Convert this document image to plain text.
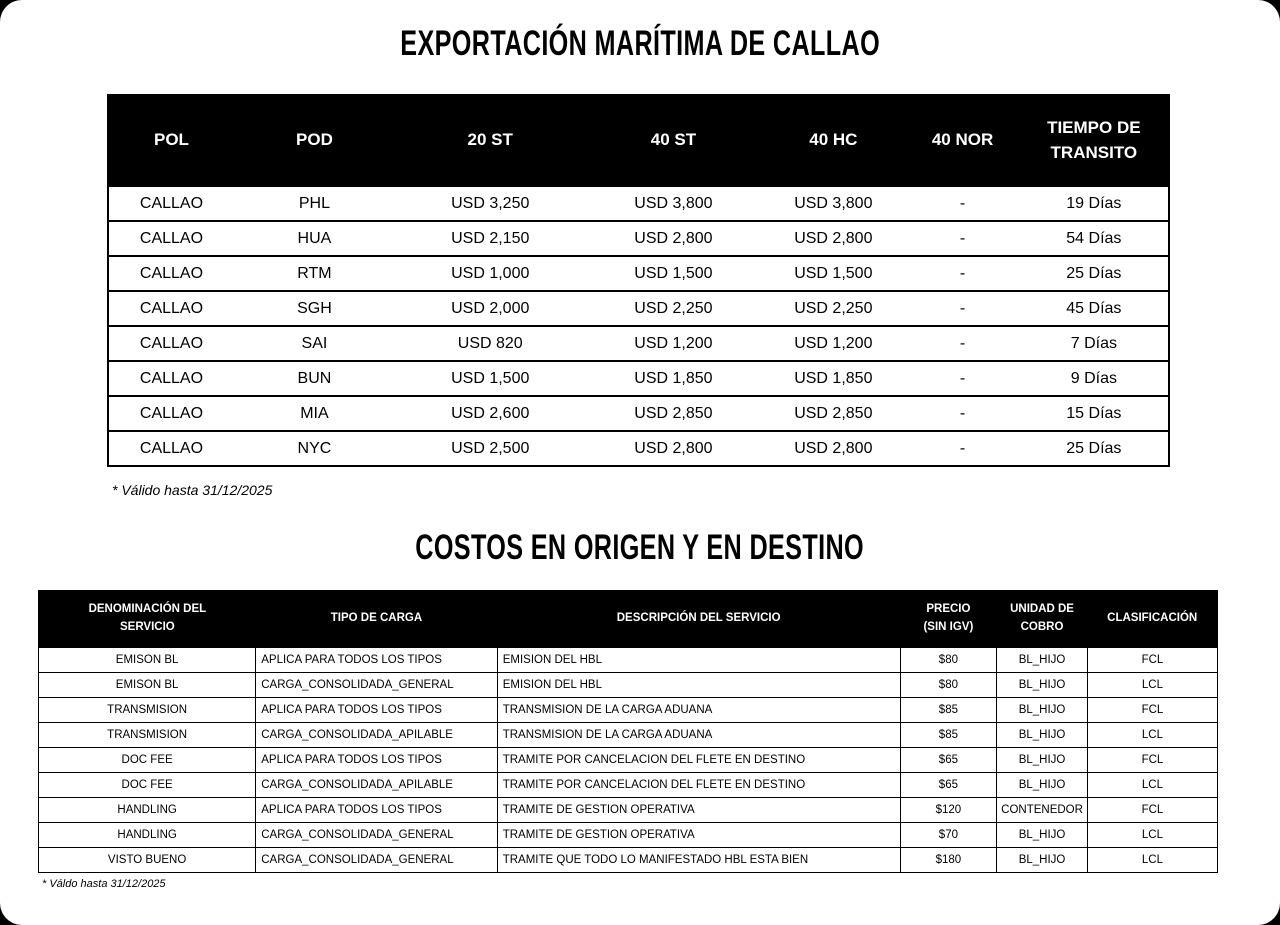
EXPORTACIÓN MARÍTIMA DE CALLAO
POL	POD	20 ST	40 ST	40 HC	40 NOR	TIEMPO DE TRANSITO
CALLAO	PHL	USD 3,250	USD 3,800	USD 3,800	-	19 Días
CALLAO	HUA	USD 2,150	USD 2,800	USD 2,800	-	54 Días
CALLAO	RTM	USD 1,000	USD 1,500	USD 1,500	-	25 Días
CALLAO	SGH	USD 2,000	USD 2,250	USD 2,250	-	45 Días
CALLAO	SAI	USD 820	USD 1,200	USD 1,200	-	7 Días
CALLAO	BUN	USD 1,500	USD 1,850	USD 1,850	-	9 Días
CALLAO	MIA	USD 2,600	USD 2,850	USD 2,850	-	15 Días
CALLAO	NYC	USD 2,500	USD 2,800	USD 2,800	-	25 Días
* Válido hasta 31/12/2025
COSTOS EN ORIGEN Y EN DESTINO
DENOMINACIÓN DEL SERVICIO	TIPO DE CARGA	DESCRIPCIÓN DEL SERVICIO	PRECIO (SIN IGV)	UNIDAD DE COBRO	CLASIFICACIÓN
EMISON BL	APLICA PARA TODOS LOS TIPOS	EMISION DEL HBL	$80	BL_HIJO	FCL
EMISON BL	CARGA_CONSOLIDADA_GENERAL	EMISION DEL HBL	$80	BL_HIJO	LCL
TRANSMISION	APLICA PARA TODOS LOS TIPOS	TRANSMISION DE LA CARGA ADUANA	$85	BL_HIJO	FCL
TRANSMISION	CARGA_CONSOLIDADA_APILABLE	TRANSMISION DE LA CARGA ADUANA	$85	BL_HIJO	LCL
DOC FEE	APLICA PARA TODOS LOS TIPOS	TRAMITE POR CANCELACION DEL FLETE EN DESTINO	$65	BL_HIJO	FCL
DOC FEE	CARGA_CONSOLIDADA_APILABLE	TRAMITE POR CANCELACION DEL FLETE EN DESTINO	$65	BL_HIJO	LCL
HANDLING	APLICA PARA TODOS LOS TIPOS	TRAMITE DE GESTION OPERATIVA	$120	CONTENEDOR	FCL
HANDLING	CARGA_CONSOLIDADA_GENERAL	TRAMITE DE GESTION OPERATIVA	$70	BL_HIJO	LCL
VISTO BUENO	CARGA_CONSOLIDADA_GENERAL	TRAMITE QUE TODO LO MANIFESTADO HBL ESTA BIEN	$180	BL_HIJO	LCL
* Váldo hasta 31/12/2025
